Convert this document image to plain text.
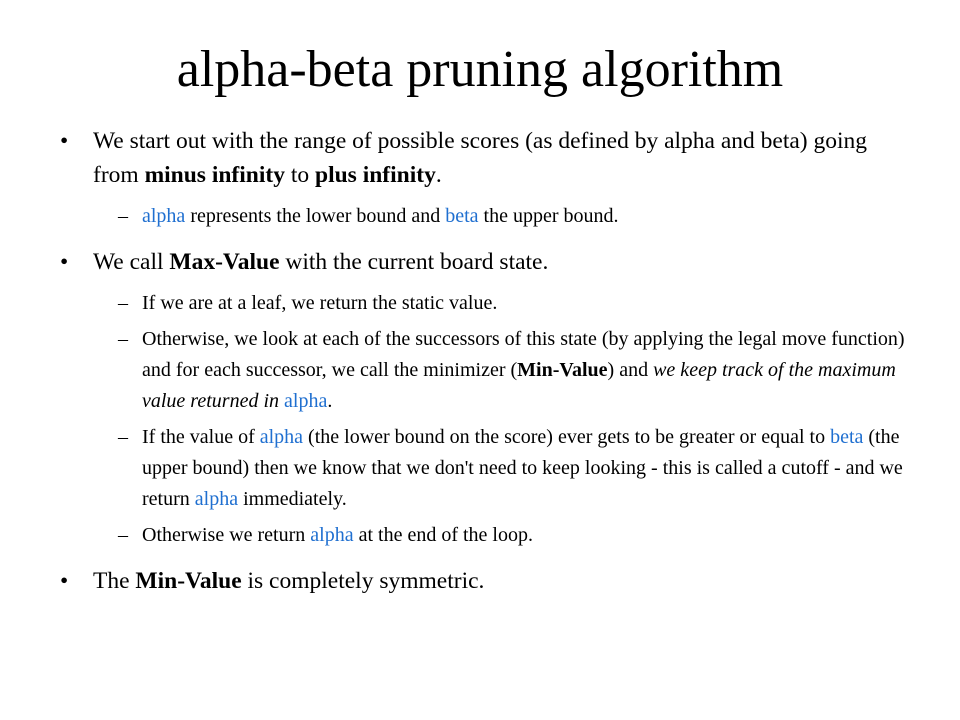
alpha-beta pruning algorithm
• We start out with the range of possible scores (as defined by alpha and beta) going from minus infinity to plus infinity.
– alpha represents the lower bound and beta the upper bound.
• We call Max-Value with the current board state.
– If we are at a leaf, we return the static value.
– Otherwise, we look at each of the successors of this state (by applying the legal move function) and for each successor, we call the minimizer (Min-Value) and we keep track of the maximum value returned in alpha.
– If the value of alpha (the lower bound on the score) ever gets to be greater or equal to beta (the upper bound) then we know that we don't need to keep looking - this is called a cutoff - and we return alpha immediately.
– Otherwise we return alpha at the end of the loop.
• The Min-Value is completely symmetric.
